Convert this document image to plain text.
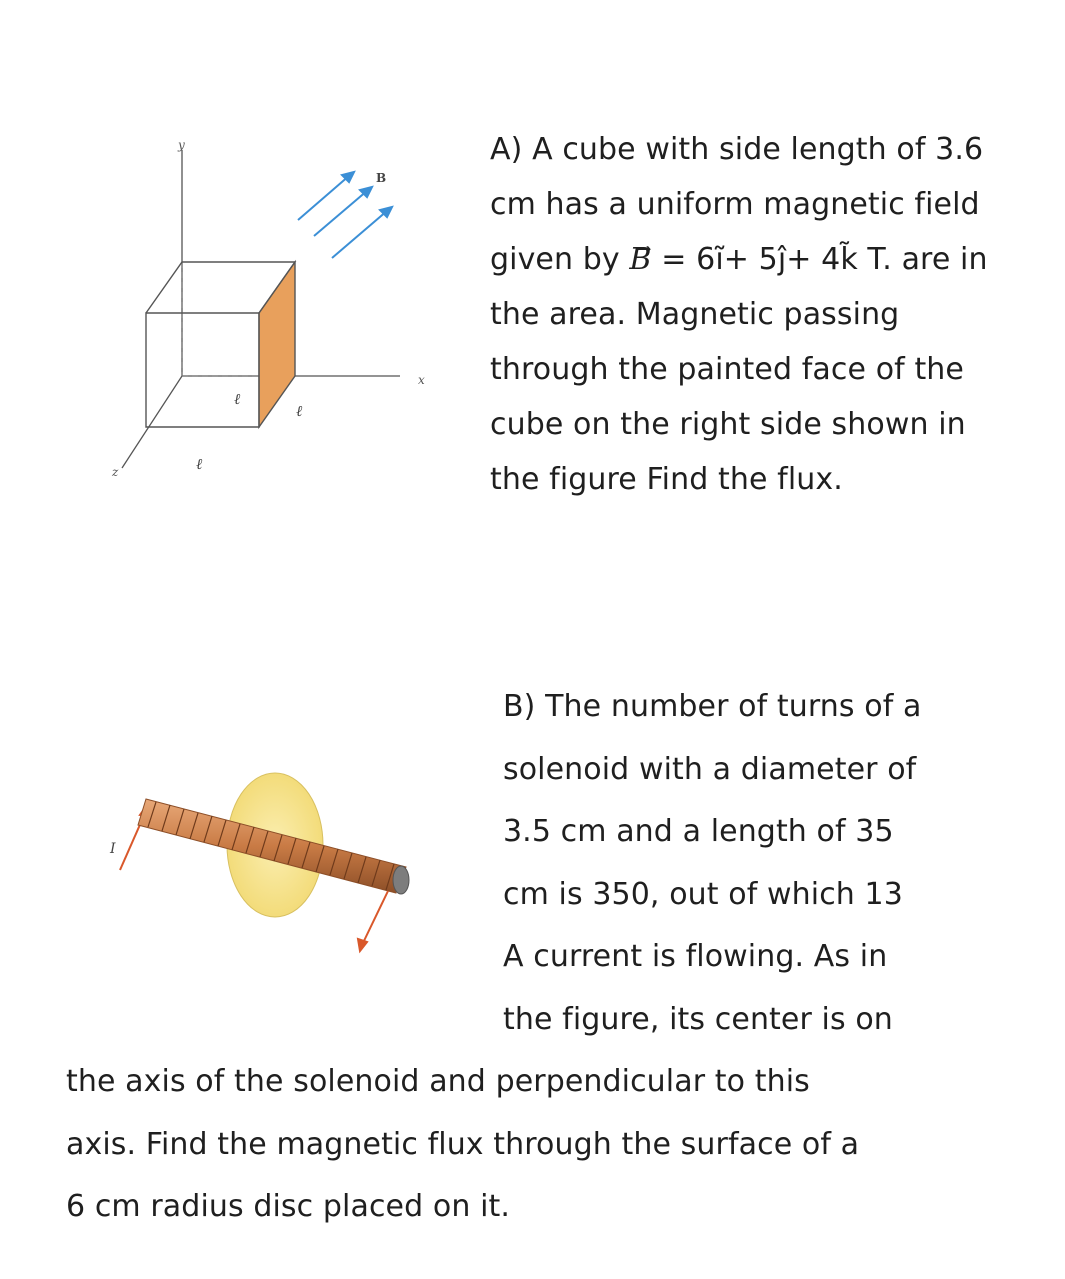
y
x
z
B
ℓ
ℓ
ℓ
A) A cube with side length of 3.6
cm has a uniform magnetic field
given by B⃗ = 6ĩ+ 5ĵ+ 4k̃ T. are in
the area. Magnetic passing
through the painted face of the
cube on the right side shown in
the figure Find the flux.
I
B) The number of turns of a
solenoid with a diameter of
3.5 cm and a length of 35
cm is 350, out of which 13
A current is flowing. As in
the figure, its center is on
the axis of the solenoid and perpendicular to this
axis. Find the magnetic flux through the surface of a
6 cm radius disc placed on it.
